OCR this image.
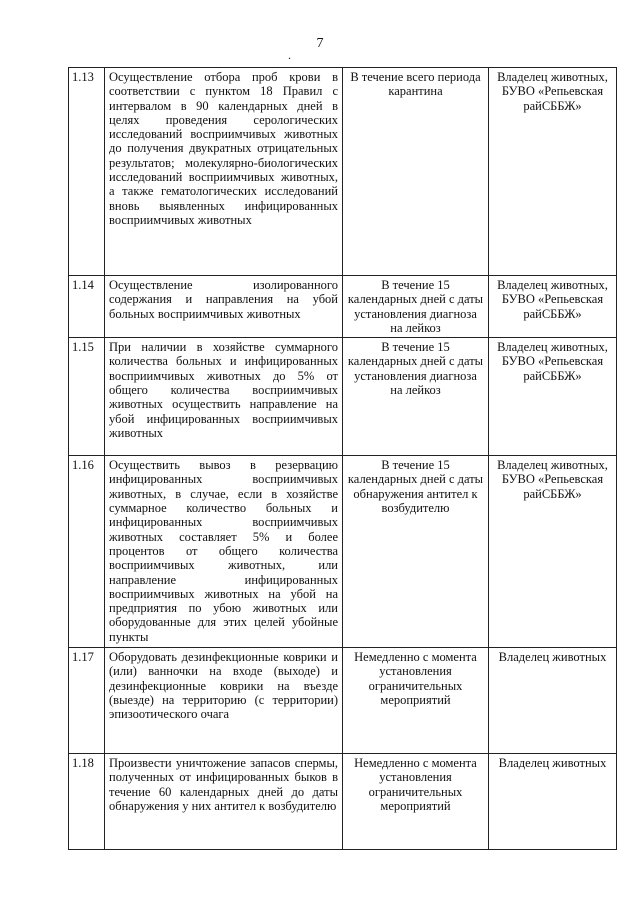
7
.
1.13	Осуществление отбора проб крови в соответствии с пунктом 18 Правил с интервалом в 90 календарных дней в целях проведения серологических исследований восприимчивых животных до получения двукратных отрицательных результатов; молекулярно-биологических исследований восприимчивых животных, а также гематологических исследований вновь выявленных инфицированных восприимчивых животных	В течение всего периода карантина	Владелец животных, БУВО «Репьевская райСББЖ»
1.14	Осуществление изолированного содержания и направления на убой больных восприимчивых животных	В течение 15 календарных дней с даты установления диагноза на лейкоз	Владелец животных, БУВО «Репьевская райСББЖ»
1.15	При наличии в хозяйстве суммарного количества больных и инфицированных восприимчивых животных до 5% от общего количества восприимчивых животных осуществить направление на убой инфицированных восприимчивых животных	В течение 15 календарных дней с даты установления диагноза на лейкоз	Владелец животных, БУВО «Репьевская райСББЖ»
1.16	Осуществить вывоз в резервацию инфицированных восприимчивых животных, в случае, если в хозяйстве суммарное количество больных и инфицированных восприимчивых животных составляет 5% и более процентов от общего количества восприимчивых животных, или направление инфицированных восприимчивых животных на убой на предприятия по убою животных или оборудованные для этих целей убойные пункты	В течение 15 календарных дней с даты обнаружения антител к возбудителю	Владелец животных, БУВО «Репьевская райСББЖ»
1.17	Оборудовать дезинфекционные коврики и (или) ванночки на входе (выходе) и дезинфекционные коврики на въезде (выезде) на территорию (с территории) эпизоотического очага	Немедленно с момента установления ограничительных мероприятий	Владелец животных
1.18	Произвести уничтожение запасов спермы, полученных от инфицированных быков в течение 60 календарных дней до даты обнаружения у них антител к возбудителю	Немедленно с момента установления ограничительных мероприятий	Владелец животных
